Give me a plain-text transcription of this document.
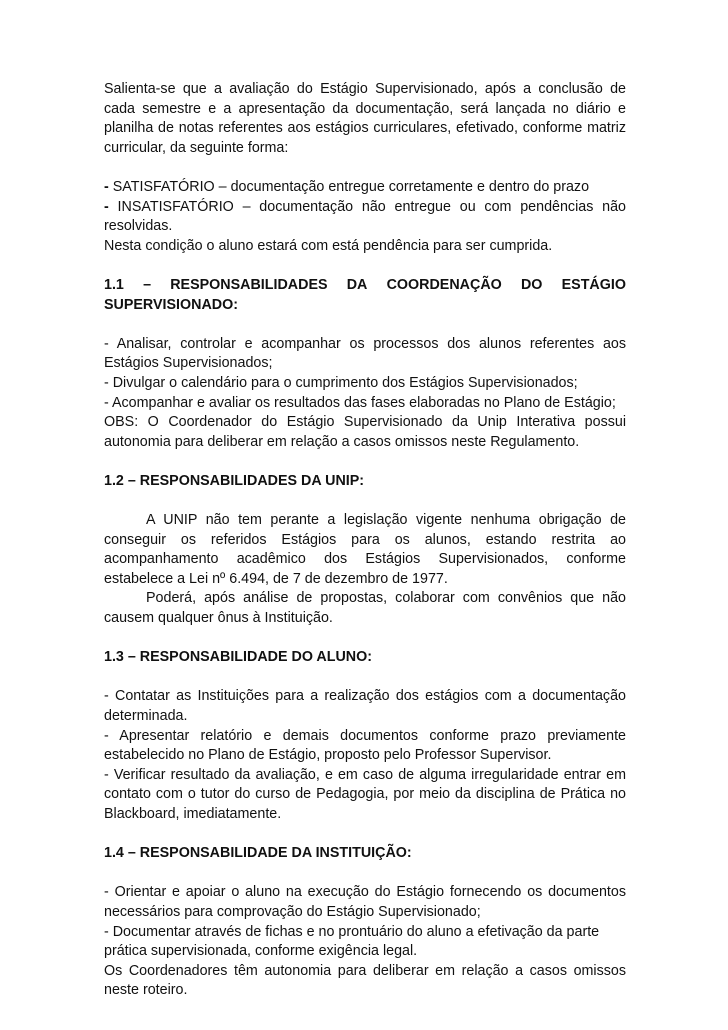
Salienta-se que a avaliação do Estágio Supervisionado, após a conclusão de cada semestre e a apresentação da documentação, será lançada no diário e planilha de notas referentes aos estágios curriculares, efetivado, conforme matriz curricular, da seguinte forma:

- SATISFATÓRIO – documentação entregue corretamente e dentro do prazo

- INSATISFATÓRIO – documentação não entregue ou com pendências não resolvidas.

Nesta condição o aluno estará com está pendência para ser cumprida.

1.1 – RESPONSABILIDADES DA COORDENAÇÃO DO ESTÁGIO
SUPERVISIONADO:

- Analisar, controlar e acompanhar os processos dos alunos referentes aos Estágios Supervisionados;

- Divulgar o calendário para o cumprimento dos Estágios Supervisionados;

- Acompanhar e avaliar os resultados das fases elaboradas no Plano de Estágio;

OBS: O Coordenador do Estágio Supervisionado da Unip Interativa possui autonomia para deliberar em relação a casos omissos neste Regulamento.

1.2 – RESPONSABILIDADES DA UNIP:

A UNIP não tem perante a legislação vigente nenhuma obrigação de conseguir os referidos Estágios para os alunos, estando restrita ao acompanhamento acadêmico dos Estágios Supervisionados, conforme estabelece a Lei nº 6.494, de 7 de dezembro de 1977.

Poderá, após análise de propostas, colaborar com convênios que não causem qualquer ônus à Instituição.

1.3 – RESPONSABILIDADE DO ALUNO:

- Contatar as Instituições para a realização dos estágios com a documentação determinada.

- Apresentar relatório e demais documentos conforme prazo previamente estabelecido no Plano de Estágio, proposto pelo Professor Supervisor.

- Verificar resultado da avaliação, e em caso de alguma irregularidade entrar em contato com o tutor do curso de Pedagogia, por meio da disciplina de Prática no Blackboard, imediatamente.

1.4 – RESPONSABILIDADE DA INSTITUIÇÃO:

- Orientar e apoiar o aluno na execução do Estágio fornecendo os documentos necessários para comprovação do Estágio Supervisionado;

- Documentar através de fichas e no prontuário do aluno a efetivação da parte prática supervisionada, conforme exigência legal.

Os Coordenadores têm autonomia para deliberar em relação a casos omissos neste roteiro.
